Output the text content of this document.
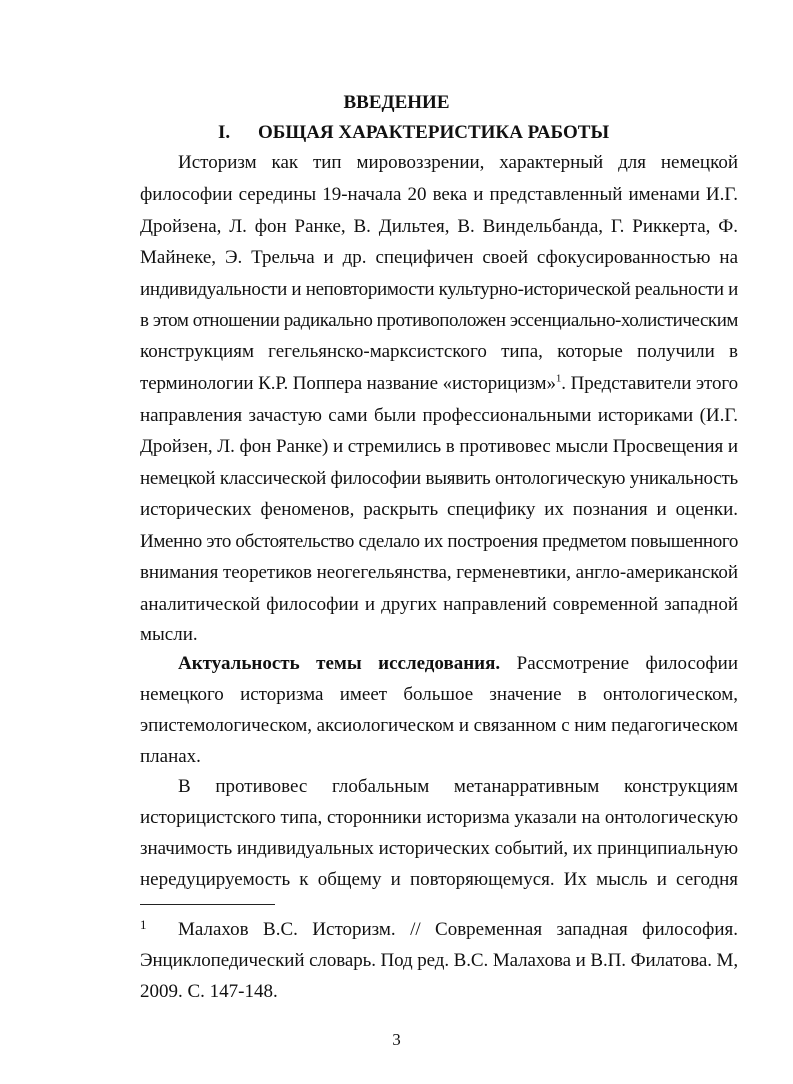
ВВЕДЕНИЕ
I. ОБЩАЯ ХАРАКТЕРИСТИКА РАБОТЫ
Историзм как тип мировоззрении, характерный для немецкой
философии середины 19-начала 20 века и представленный именами И.Г.
Дройзена, Л. фон Ранке, В. Дильтея, В. Виндельбанда, Г. Риккерта, Ф.
Майнеке, Э. Трельча и др. специфичен своей сфокусированностью на
индивидуальности и неповторимости культурно-исторической реальности и
в этом отношении радикально противоположен эссенциально-холистическим
конструкциям гегельянско-марксистского типа, которые получили в
терминологии К.Р. Поппера название «историцизм»$^1$. Представители этого
направления зачастую сами были профессиональными историками (И.Г.
Дройзен, Л. фон Ранке) и стремились в противовес мысли Просвещения и
немецкой классической философии выявить онтологическую уникальность
исторических феноменов, раскрыть специфику их познания и оценки.
Именно это обстоятельство сделало их построения предметом повышенного
внимания теоретиков неогегельянства, герменевтики, англо-американской
аналитической философии и других направлений современной западной
мысли.
Актуальность темы исследования. Рассмотрение философии
немецкого историзма имеет большое значение в онтологическом,
эпистемологическом, аксиологическом и связанном с ним педагогическом
планах.
В противовес глобальным метанарративным конструкциям
историцистского типа, сторонники историзма указали на онтологическую
значимость индивидуальных исторических событий, их принципиальную
нередуцируемость к общему и повторяющемуся. Их мысль и сегодня
1 Малахов В.С. Историзм. // Современная западная философия.
Энциклопедический словарь. Под ред. В.С. Малахова и В.П. Филатова. М,
2009. С. 147-148.
3
